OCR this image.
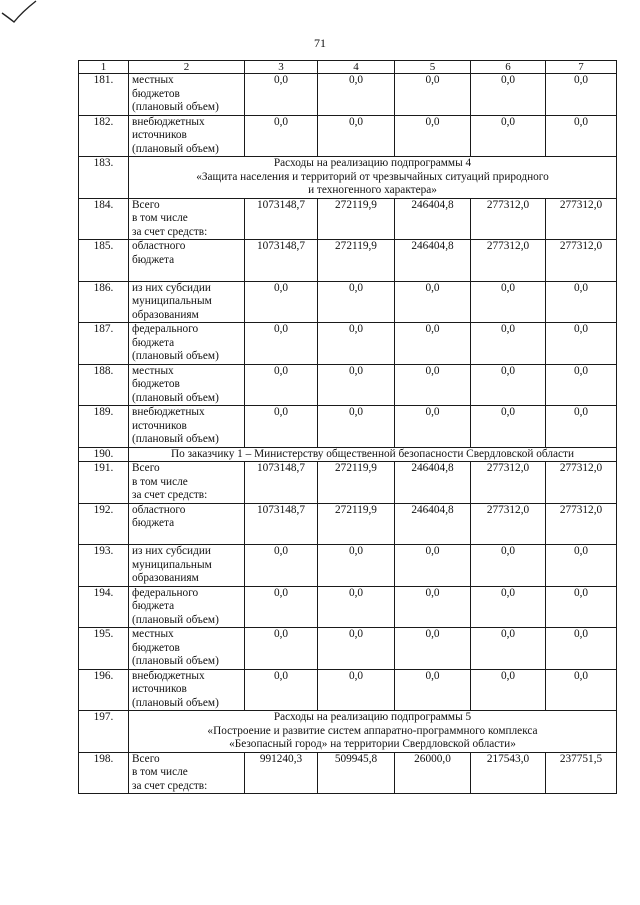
71
1	2	3	4	5	6	7
181.	местных
бюджетов
(плановый объем)	0,0	0,0	0,0	0,0	0,0
182.	внебюджетных
источников
(плановый объем)	0,0	0,0	0,0	0,0	0,0
183.	Расходы на реализацию подпрограммы 4
«Защита населения и территорий от чрезвычайных ситуаций природного
и техногенного характера»					

184.	Всего
в том числе
за счет средств:	1073148,7	272119,9	246404,8	277312,0	277312,0
185.	областного
бюджета	1073148,7	272119,9	246404,8	277312,0	277312,0
186.	из них субсидии
муниципальным
образованиям	0,0	0,0	0,0	0,0	0,0
187.	федерального
бюджета
(плановый объем)	0,0	0,0	0,0	0,0	0,0
188.	местных
бюджетов
(плановый объем)	0,0	0,0	0,0	0,0	0,0
189.	внебюджетных
источников
(плановый объем)	0,0	0,0	0,0	0,0	0,0
190.	По заказчику 1 – Министерству общественной безопасности Свердловской области					

191.	Всего
в том числе
за счет средств:	1073148,7	272119,9	246404,8	277312,0	277312,0
192.	областного
бюджета	1073148,7	272119,9	246404,8	277312,0	277312,0
193.	из них субсидии
муниципальным
образованиям	0,0	0,0	0,0	0,0	0,0
194.	федерального
бюджета
(плановый объем)	0,0	0,0	0,0	0,0	0,0
195.	местных
бюджетов
(плановый объем)	0,0	0,0	0,0	0,0	0,0
196.	внебюджетных
источников
(плановый объем)	0,0	0,0	0,0	0,0	0,0
197.	Расходы на реализацию подпрограммы 5
«Построение и развитие систем аппаратно-программного комплекса
«Безопасный город» на территории Свердловской области»					

198.	Всего
в том числе
за счет средств:	991240,3	509945,8	26000,0	217543,0	237751,5
